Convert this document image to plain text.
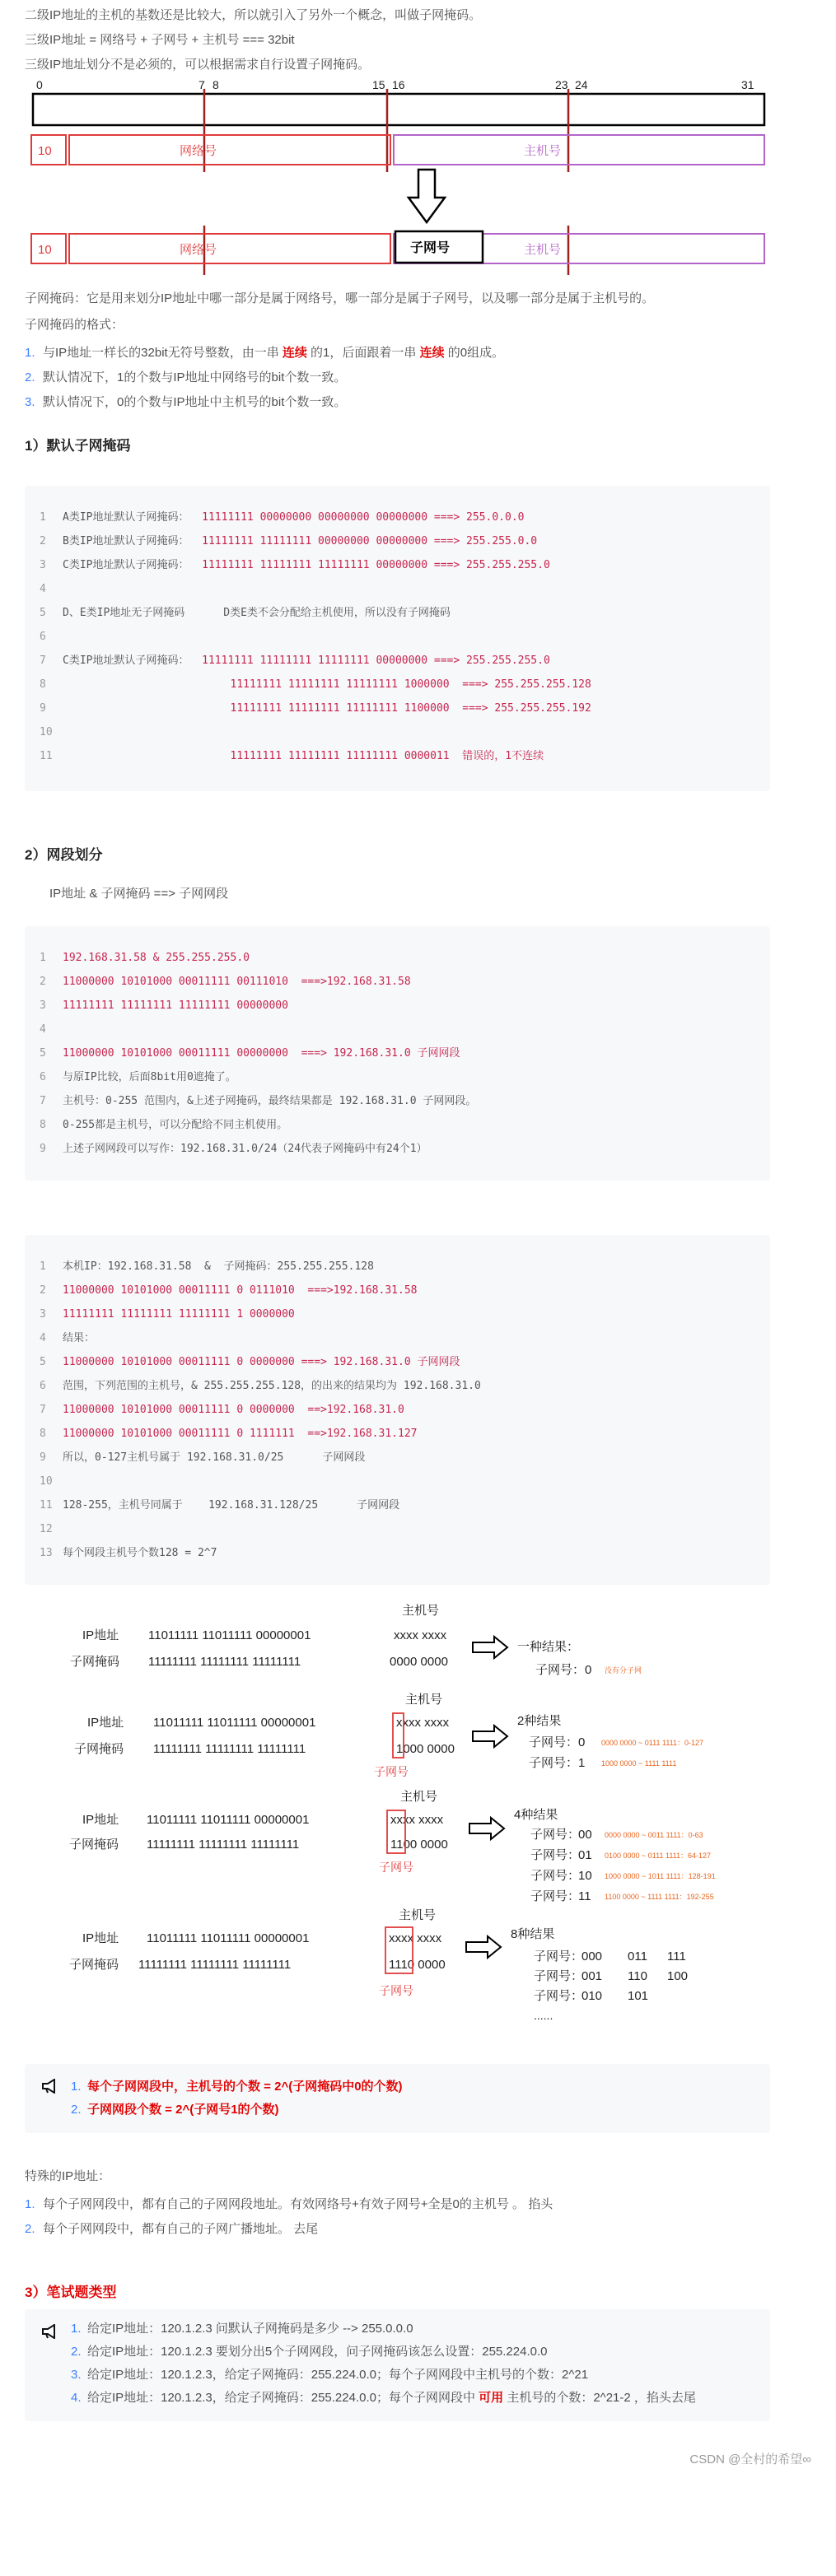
二级IP地址的主机的基数还是比较大，所以就引入了另外一个概念，叫做子网掩码。
三级IP地址 = 网络号 + 子网号 + 主机号 === 32bit
三级IP地址划分不是必须的，可以根据需求自行设置子网掩码。
0	7 8	15 16	23 24	31
10	网络号	主机号
10	网络号	主机号
子网号
子网掩码：它是用来划分IP地址中哪一部分是属于网络号，哪一部分是属于子网号，以及哪一部分是属于主机号的。
子网掩码的格式：
1. 与IP地址一样长的32bit无符号整数，由一串 连续 的1，后面跟着一串 连续 的0组成。
2. 默认情况下，1的个数与IP地址中网络号的bit个数一致。
3. 默认情况下，0的个数与IP地址中主机号的bit个数一致。
1）默认子网掩码
1	A类IP地址默认子网掩码： 11111111 00000000 00000000 00000000 ===> 255.0.0.0
2	B类IP地址默认子网掩码： 11111111 11111111 00000000 00000000 ===> 255.255.0.0
3	C类IP地址默认子网掩码： 11111111 11111111 11111111 00000000 ===> 255.255.255.0
4
5	D、E类IP地址无子网掩码      D类E类不会分配给主机使用，所以没有子网掩码
6
7	C类IP地址默认子网掩码： 11111111 11111111 11111111 00000000 ===> 255.255.255.0
8
	11111111 11111111 11111111 1000000  ===> 255.255.255.128
9
	11111111 11111111 11111111 1100000  ===> 255.255.255.192
10
11
	11111111 11111111 11111111 0000011  错误的，1不连续
2）网段划分
IP地址 & 子网掩码 ==> 子网网段
1	192.168.31.58 & 255.255.255.0
2	11000000 10101000 00011111 00111010  ===>192.168.31.58
3	11111111 11111111 11111111 00000000
4
5	11000000 10101000 00011111 00000000  ===> 192.168.31.0 子网网段
6	与原IP比较，后面8bit用0遮掩了。
7	主机号：0-255 范围内，&上述子网掩码，最终结果都是 192.168.31.0 子网网段。
8	0-255都是主机号，可以分配给不同主机使用。
9	上述子网网段可以写作：192.168.31.0/24（24代表子网掩码中有24个1）
1	本机IP：192.168.31.58  &  子网掩码：255.255.255.128
2	11000000 10101000 00011111 0 0111010  ===>192.168.31.58
3	11111111 11111111 11111111 1 0000000
4	结果：
5	11000000 10101000 00011111 0 0000000 ===> 192.168.31.0 子网网段
6	范围，下列范围的主机号，& 255.255.255.128，的出来的结果均为 192.168.31.0
7	11000000 10101000 00011111 0 0000000  ==>192.168.31.0
8	11000000 10101000 00011111 0 1111111  ==>192.168.31.127
9	所以，0-127主机号属于 192.168.31.0/25      子网网段
10
11 128-255，主机号同属于    192.168.31.128/25      子网网段
12
13 每个网段主机号个数128 = 2^7
主机号
IP地址 11011111 11011111 00000001	xxxx xxxx
子网掩码 11111111 11111111 11111111	0000 0000
一种结果：
子网号： 0 没有分子网
主机号
IP地址 11011111 11011111 00000001	xxxx xxxx
子网掩码 11111111 11111111 11111111	1000 0000
子网号
2种结果
子网号： 0 0000 0000 ~ 0111 1111：0-127
子网号： 1 1000 0000 ~ 1111 1111
主机号
IP地址 11011111 11011111 00000001	xxxx xxxx
子网掩码 11111111 11111111 11111111	1100 0000
子网号
4种结果
子网号：
00 0000 0000 ~ 0011 1111：0-63
子网号：
01 0100 0000 ~ 0111 1111：64-127
子网号：
10 1000 0000 ~ 1011 1111：128-191
子网号：
11 1100 0000 ~ 1111 1111：192-255
主机号
IP地址 11011111 11011111 00000001	xxxx xxxx
子网掩码 11111111 11111111 11111111	1110 0000
子网号
8种结果
子网号：
000 011 111
子网号：
001 110 100
子网号：
010 101
......
1. 每个子网网段中，主机号的个数 = 2^(子网掩码中0的个数)
2. 子网网段个数 = 2^(子网号1的个数)
特殊的IP地址：
1. 每个子网网段中，都有自己的子网网段地址。有效网络号+有效子网号+全是0的主机号 。 掐头
2. 每个子网网段中，都有自己的子网广播地址。 去尾
3）笔试题类型
1. 给定IP地址：120.1.2.3 问默认子网掩码是多少 --> 255.0.0.0
2. 给定IP地址：120.1.2.3 要划分出5个子网网段，问子网掩码该怎么设置：255.224.0.0
3. 给定IP地址：120.1.2.3，给定子网掩码：255.224.0.0；每个子网网段中主机号的个数：2^21
4. 给定IP地址：120.1.2.3，给定子网掩码：255.224.0.0；每个子网网段中 可用 主机号的个数：2^21-2 ，掐头去尾
CSDN @全村的希望∞
